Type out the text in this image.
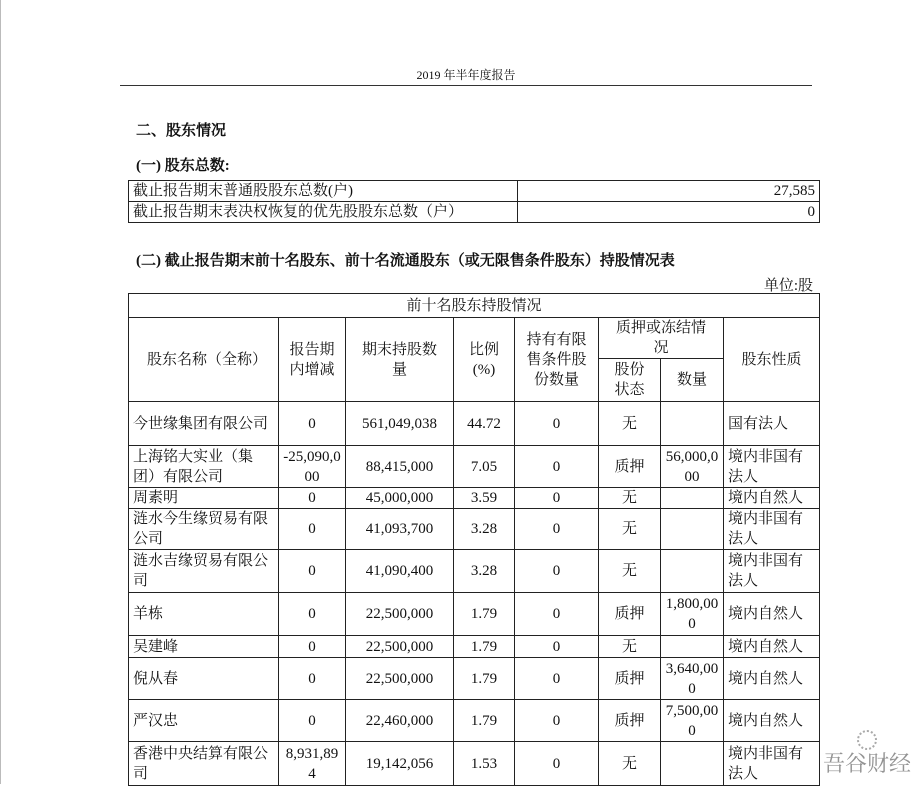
2019 年半年度报告
二、股东情况
(一) 股东总数:
截止报告期末普通股股东总数(户)	27,585
截止报告期末表决权恢复的优先股股东总数（户）	0
(二) 截止报告期末前十名股东、前十名流通股东（或无限售条件股东）持股情况表
单位:股
前十名股东持股情况							
股东名称（全称）	报告期内增减	期末持股数量	比例(%)	持有有限售条件股份数量	质押或冻结情况		股东性质
					股份状态	数量	
今世缘集团有限公司	0	561,049,038	44.72	0	无		国有法人
上海铭大实业（集团）有限公司	-25,090,000	88,415,000	7.05	0	质押	56,000,000	境内非国有法人
周素明	0	45,000,000	3.59	0	无		境内自然人
涟水今生缘贸易有限公司	0	41,093,700	3.28	0	无		境内非国有法人
涟水吉缘贸易有限公司	0	41,090,400	3.28	0	无		境内非国有法人
羊栋	0	22,500,000	1.79	0	质押	1,800,000	境内自然人
吴建峰	0	22,500,000	1.79	0	无		境内自然人
倪从春	0	22,500,000	1.79	0	质押	3,640,000	境内自然人
严汉忠	0	22,460,000	1.79	0	质押	7,500,000	境内自然人
香港中央结算有限公司	8,931,894	19,142,056	1.53	0	无		境内非国有法人	吾谷财经
